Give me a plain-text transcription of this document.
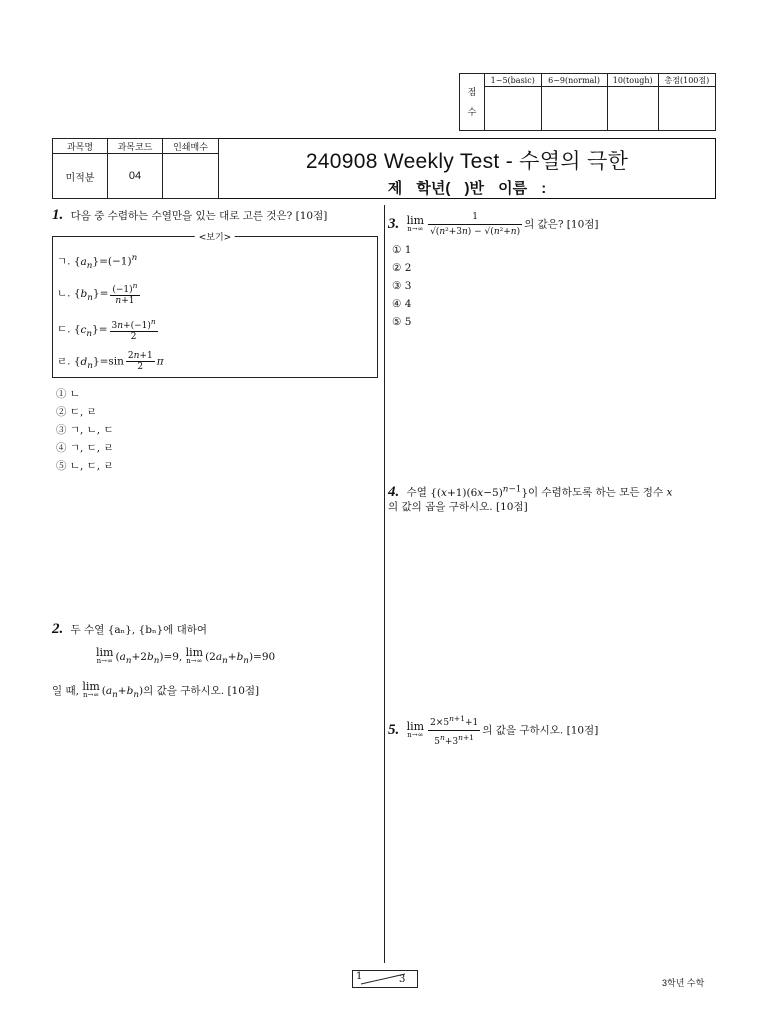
점
수	1~5(basic)	6~9(normal)	10(tough)	총점(100점)

과목명	과목코드	인쇄매수	240908 Weekly Test - 수열의 극한
제 학년( )반 이름 :

미적분	04		
1. 다음 중 수렴하는 수열만을 있는 대로 고른 것은? [10점]
<보기>
ㄱ. $\{a_n\}=(-1)^n$
ㄴ. $\{b_n\}= \frac{(-1)^n}{n+1}$
ㄷ. $\{c_n\}= \frac{3n+(-1)^n}{2}$
ㄹ. $\{d_n\}=\sin \frac{2n+1}{2}$ π
① ㄴ
② ㄷ, ㄹ
③ ㄱ, ㄴ, ㄷ
④ ㄱ, ㄷ, ㄹ
⑤ ㄴ, ㄷ, ㄹ
2. 두 수열 {aₙ}, {bₙ}에 대하여
lim
n→∞ $(a_n+2b_n)=9$, lim
n→∞ $(2a_n+b_n)=90$
일 때, lim
n→∞ $(a_n+b_n)$의 값을 구하시오. [10점]
3. lim
$n\to\infty \frac{1}{\text{√(n²+3n) − √(n²+n)}}$ 의 값은? [10점]
① 1
② 2
③ 3
④ 4
⑤ 5
4. 수열 $\{(x+1)(6x-5)^{n-1}\}$이 수렴하도록 하는 모든 정수 x
의 값의 곱을 구하시오. [10점]
5. lim
$n\to\infty \frac{2\times 5^{n+1}+1}{5^n+3^{n+1}}$ 의 값을 구하시오. [10점]
1	3	3학년 수학
